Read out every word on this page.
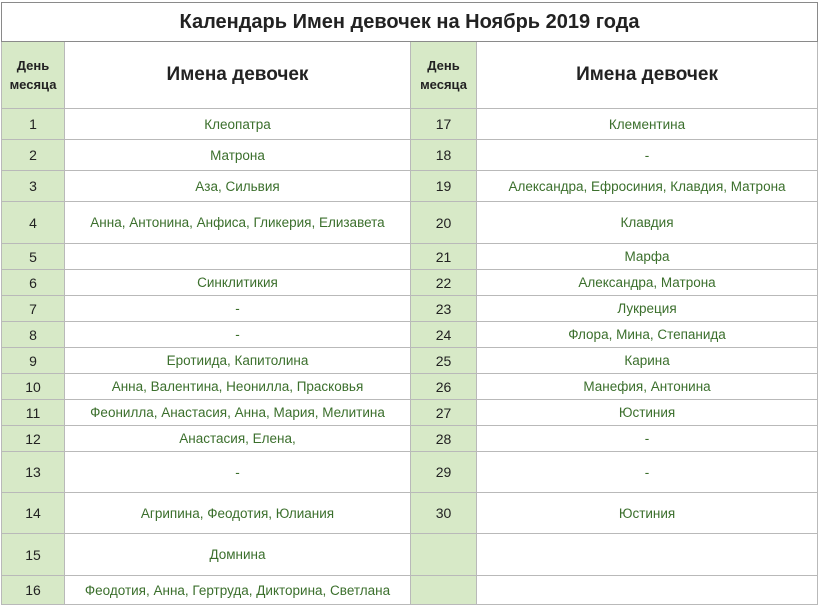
Календарь Имен девочек на Ноябрь 2019 года			
День
месяца	Имена девочек	День
месяца	Имена девочек
1	Клеопатра	17	Клементина
2	Матрона	18	-
3	Аза, Сильвия	19	Александра, Ефросиния, Клавдия, Матрона
4	Анна, Антонина, Анфиса, Гликерия, Елизавета	20	Клавдия
5		21	Марфа
6	Синклитикия	22	Александра, Матрона
7	-	23	Лукреция
8	-	24	Флора, Мина, Степанида
9	Еротиида, Капитолина	25	Карина
10	Анна, Валентина, Неонилла, Прасковья	26	Манефия, Антонина
11	Феонилла, Анастасия, Анна, Мария, Мелитина	27	Юстиния
12	Анастасия, Елена,	28	-
13	-	29	-
14	Агрипина, Феодотия, Юлиания	30	Юстиния
15	Домнина		
16	Феодотия, Анна, Гертруда, Дикторина, Светлана		
